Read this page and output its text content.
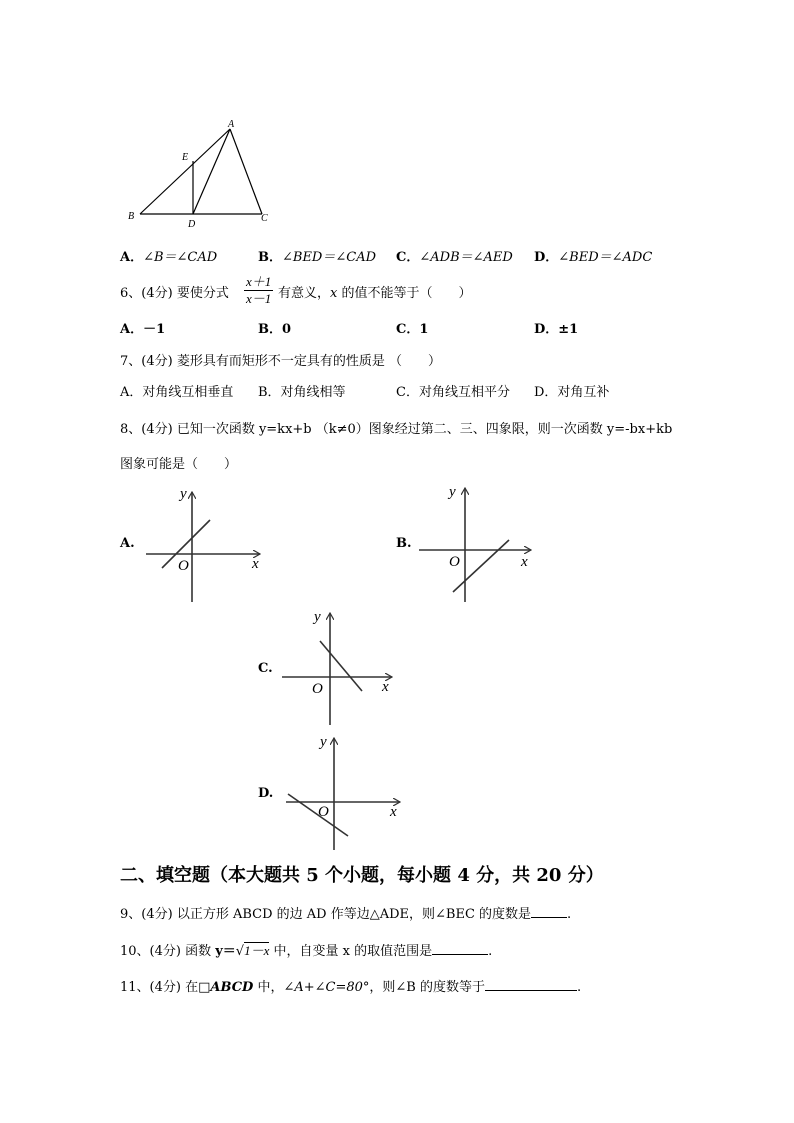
A
E
B
D
C
A．∠B＝∠CAD	B．∠BED＝∠CAD C．∠ADB＝∠AED D．∠BED＝∠ADC
6、(4分) 要使分式 $\frac{x+1}{x-1}$ 有意义，x 的值不能等于（　　）
A．－1	B．0	C．1	D．±1
7、(4分) 菱形具有而矩形不一定具有的性质是 （　　）
A．对角线互相垂直 B．对角线相等	C．对角线互相平分 D．对角互补
8、(4分) 已知一次函数 y=kx+b （k≠0）图象经过第二、三、四象限，则一次函数 y=-bx+kb
图象可能是（　　）
A.
y
x
O
B.
y
x
O
C.
y
x
O
D.
y
x
O
二、填空题（本大题共 5 个小题，每小题 4 分，共 20 分）
9、(4分) 以正方形 ABCD 的边 AD 作等边△ADE，则∠BEC 的度数是	.
10、(4分) 函数 y＝√1－x 中，自变量 x 的取值范围是	.
11、(4分) 在□ABCD 中，∠A+∠C=80°，则∠B 的度数等于	.
